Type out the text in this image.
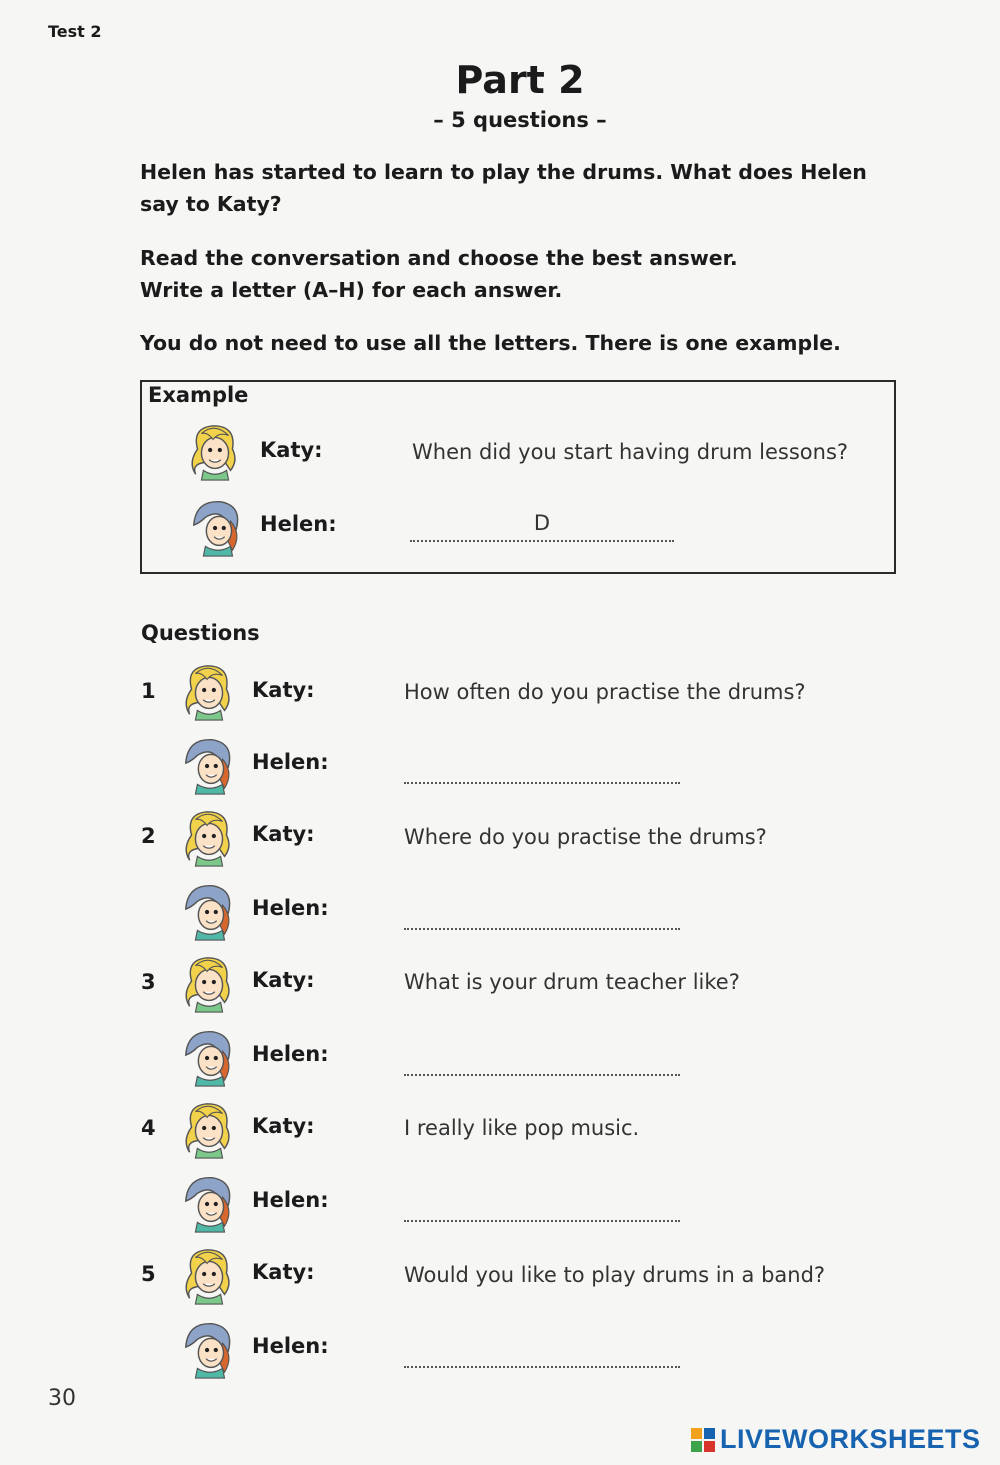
Test 2
Part 2
– 5 questions –
Helen has started to learn to play the drums. What does Helen say to Katy?
Read the conversation and choose the best answer.
Write a letter (A–H) for each answer.
You do not need to use all the letters. There is one example.
Example
Katy:	When did you start having drum lessons?
Helen:	D
Questions
1	Katy:	How often do you practise the drums?
Helen:
2	Katy:	Where do you practise the drums?
Helen:
3	Katy:	What is your drum teacher like?
Helen:
4	Katy:	I really like pop music.
Helen:
5	Katy:	Would you like to play drums in a band?
Helen:
30
LIVEWORKSHEETS
